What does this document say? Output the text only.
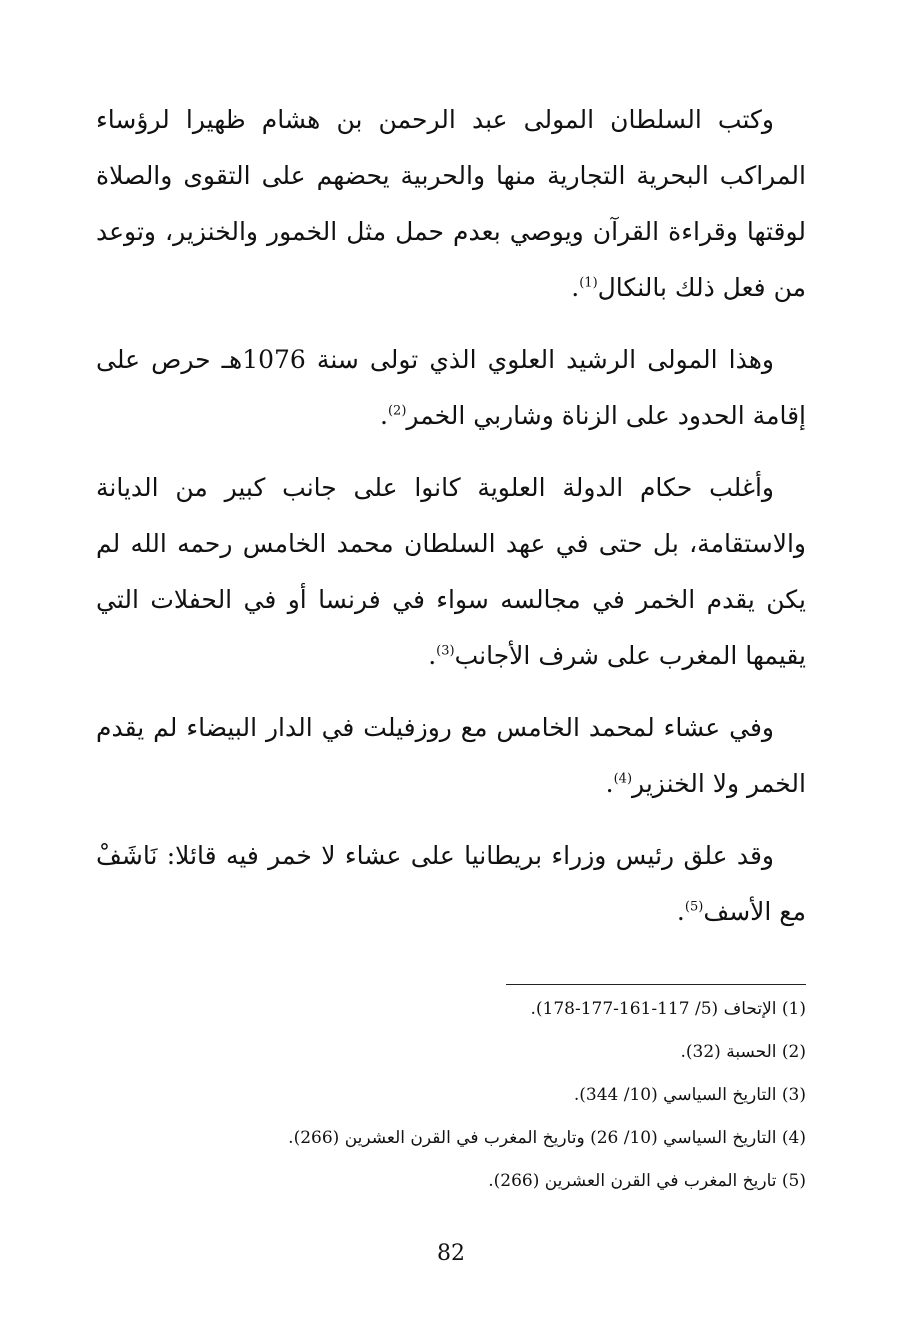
وكتب السلطان المولى عبد الرحمن بن هشام ظهيرا لرؤساء المراكب البحرية التجارية منها والحربية يحضهم على التقوى والصلاة لوقتها وقراءة القرآن ويوصي بعدم حمل مثل الخمور والخنزير، وتوعد من فعل ذلك بالنكال$^{(1)}$.

وهذا المولى الرشيد العلوي الذي تولى سنة 1076هـ حرص على إقامة الحدود على الزناة وشاربي الخمر$^{(2)}$.

وأغلب حكام الدولة العلوية كانوا على جانب كبير من الديانة والاستقامة، بل حتى في عهد السلطان محمد الخامس رحمه الله لم يكن يقدم الخمر في مجالسه سواء في فرنسا أو في الحفلات التي يقيمها المغرب على شرف الأجانب$^{(3)}$.

وفي عشاء لمحمد الخامس مع روزفيلت في الدار البيضاء لم يقدم الخمر ولا الخنزير$^{(4)}$.

وقد علق رئيس وزراء بريطانيا على عشاء لا خمر فيه قائلا: نَاشَفْ مع الأسف$^{(5)}$.

(1) الإتحاف (5/ 117-161-177-178).

(2) الحسبة (32).

(3) التاريخ السياسي (10/ 344).

(4) التاريخ السياسي (10/ 26) وتاريخ المغرب في القرن العشرين (266).

(5) تاريخ المغرب في القرن العشرين (266).

82
